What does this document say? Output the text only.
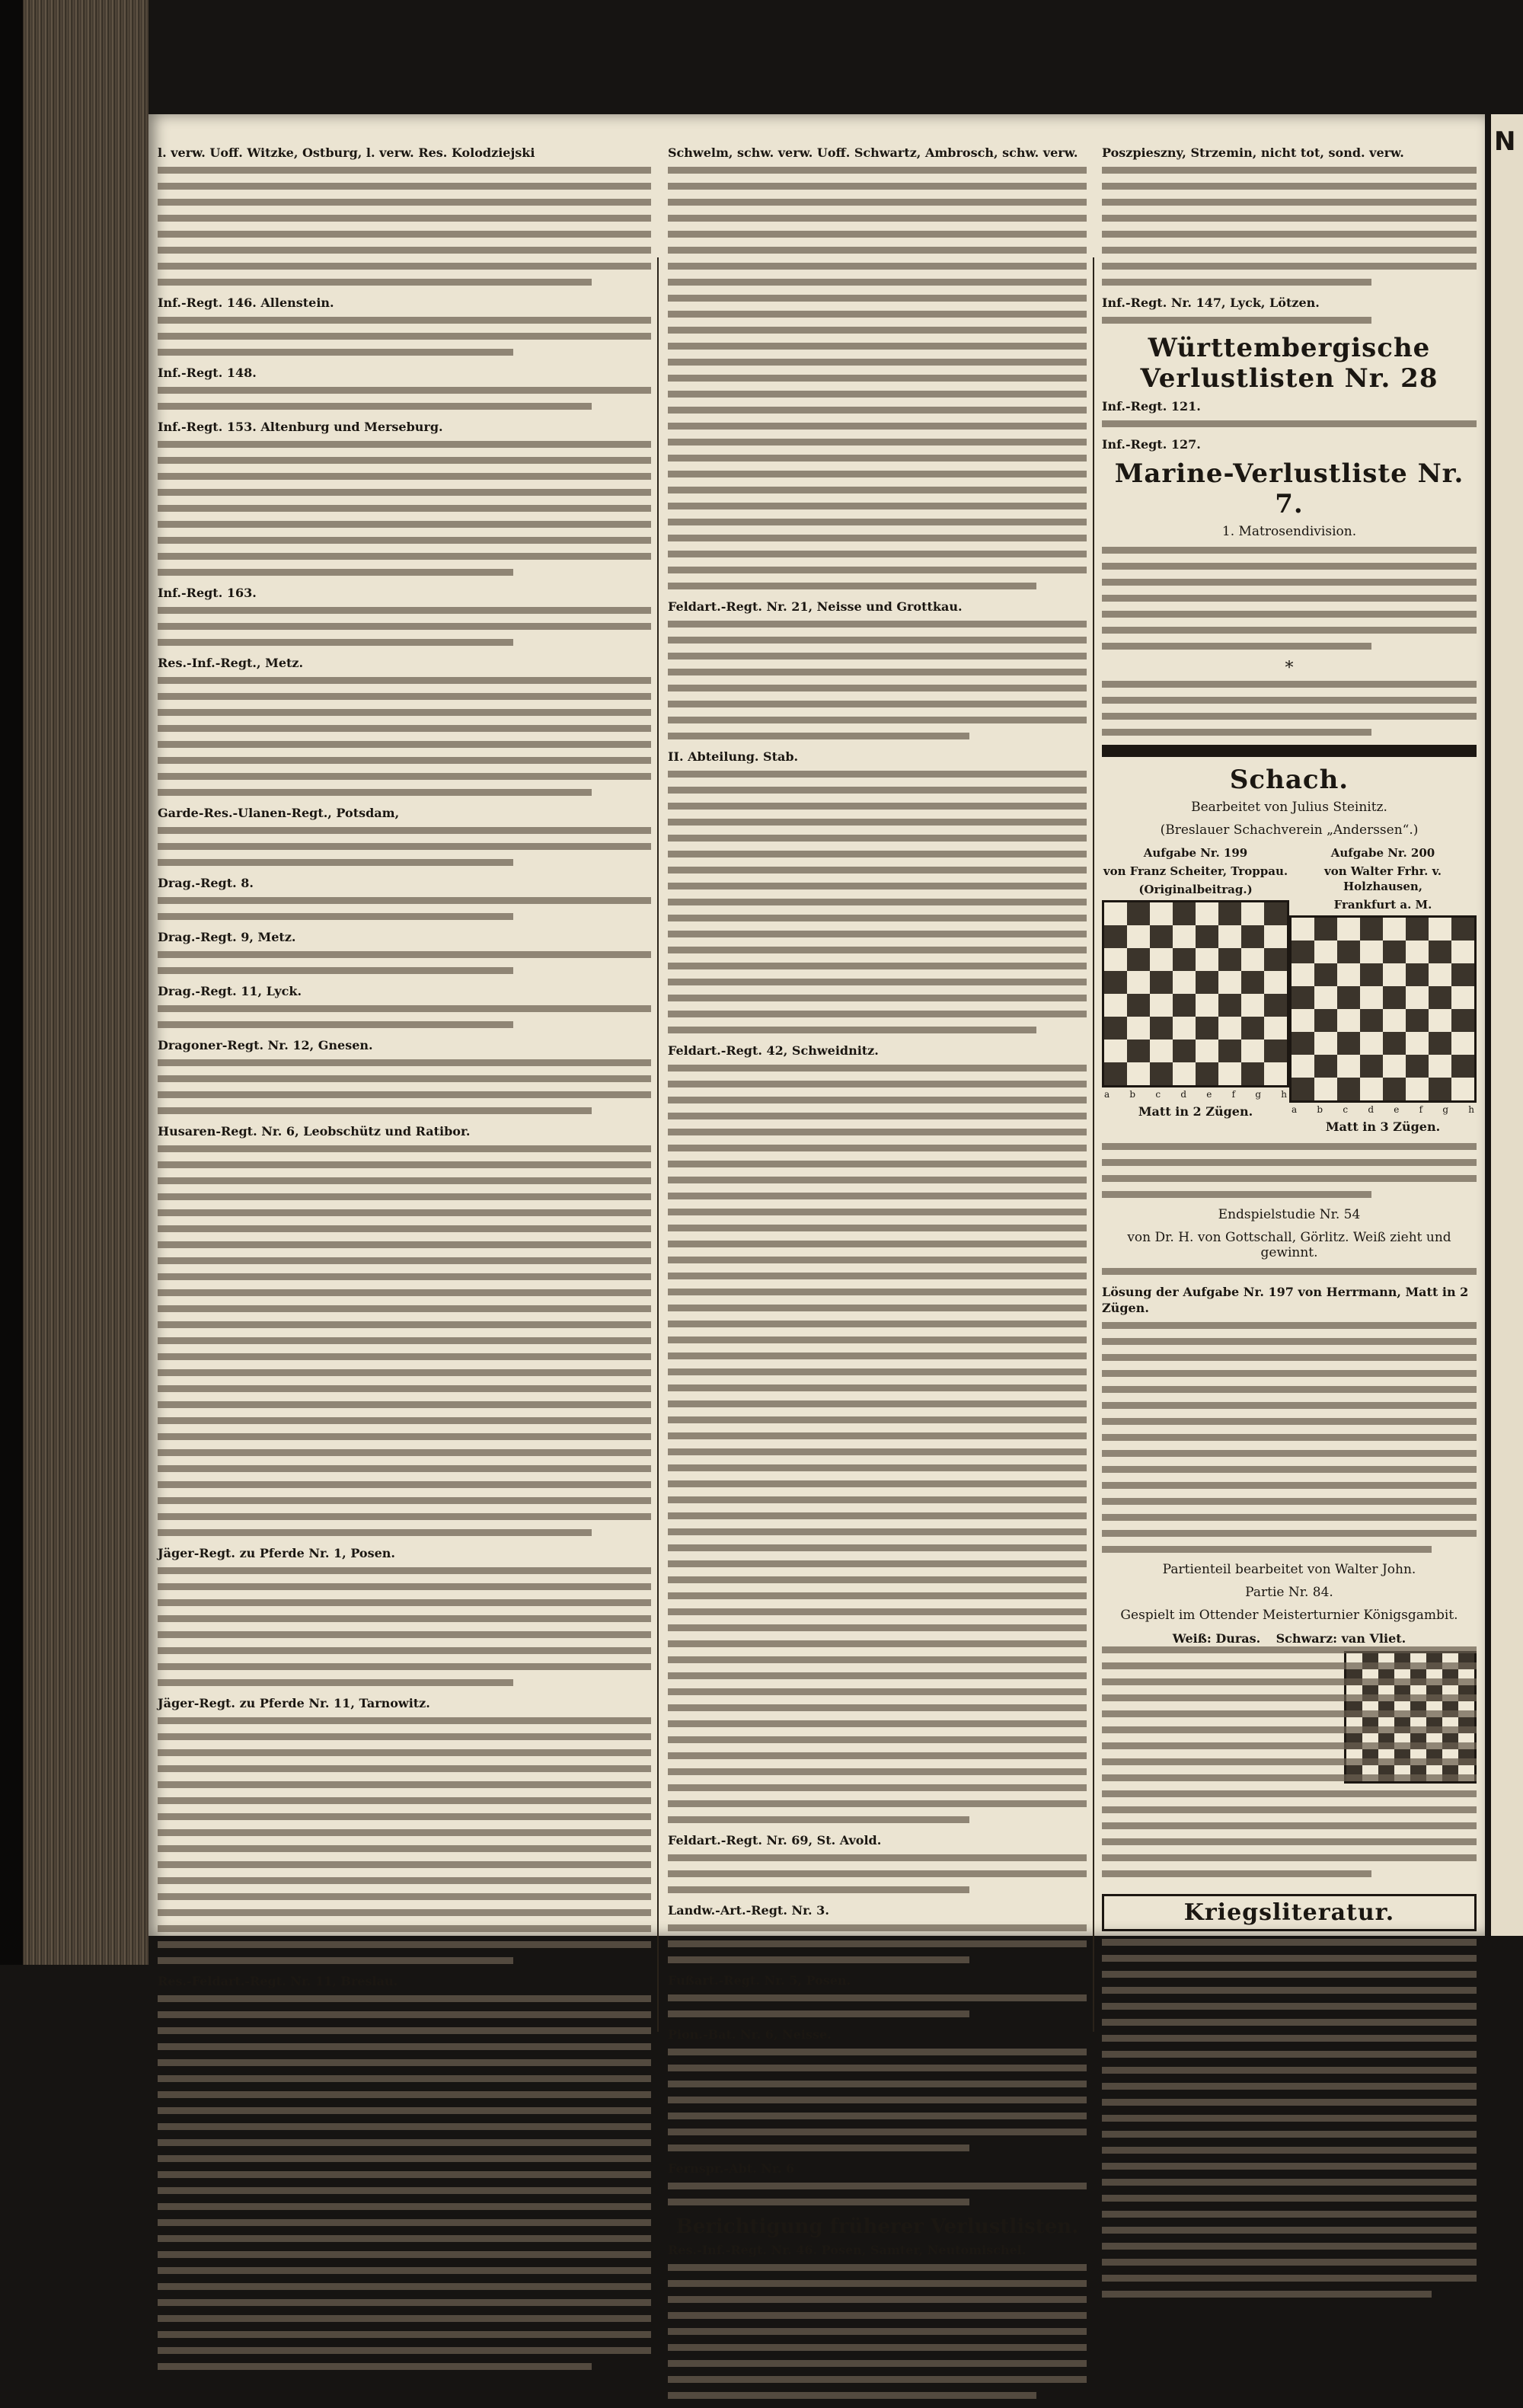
l. verw. Uoff. Witzke, Ostburg, l. verw. Res. Kolodziejski
Inf.-Regt. 146. Allenstein.
Inf.-Regt. 148.
Inf.-Regt. 153. Altenburg und Merseburg.
Inf.-Regt. 163.
Res.-Inf.-Regt., Metz.
Garde-Res.-Ulanen-Regt., Potsdam,
Drag.-Regt. 8.
Drag.-Regt. 9, Metz.
Drag.-Regt. 11, Lyck.
Dragoner-Regt. Nr. 12, Gnesen.
Husaren-Regt. Nr. 6, Leobschütz und Ratibor.
Jäger-Regt. zu Pferde Nr. 1, Posen.
Jäger-Regt. zu Pferde Nr. 11, Tarnowitz.
Res.-Feldart.-Regt. Nr. 11, Breslau.
Schwelm, schw. verw. Uoff. Schwartz, Ambrosch, schw. verw.
Feldart.-Regt. Nr. 21, Neisse und Grottkau.
II. Abteilung. Stab.
Feldart.-Regt. 42, Schweidnitz.
Feldart.-Regt. Nr. 69, St. Avold.
Landw.-Art.-Regt. Nr. 3.
Fußart.-Regt. Nr. 5, Posen.
Pion.-Bat. Nr. 6, Neisse.
Fernspr.-Abt. Nr. 6
Berichtigung früherer Verlustlisten.
Res.-Inf.-Regt. Nr. 46. Posen, Samter, Neutomischel.
Poszpieszny, Strzemin, nicht tot, sond. verw.
Inf.-Regt. Nr. 147, Lyck, Lötzen.
Württembergische Verlustlisten Nr. 28
Inf.-Regt. 121.
Inf.-Regt. 127.
Marine-Verlustliste Nr. 7.
1. Matrosendivision.
*
Schach.
Bearbeitet von Julius Steinitz.
(Breslauer Schachverein „Anderssen“.)
Aufgabe Nr. 199
von Franz Scheiter, Troppau.
(Originalbeitrag.)
a b c d e f g h
Matt in 2 Zügen.
Aufgabe Nr. 200
von Walter Frhr. v. Holzhausen,
Frankfurt a. M.
a b c d e f g h
Matt in 3 Zügen.
Endspielstudie Nr. 54
von Dr. H. von Gottschall, Görlitz. Weiß zieht und gewinnt.
Lösung der Aufgabe Nr. 197 von Herrmann, Matt in 2 Zügen.
Partienteil bearbeitet von Walter John.
Partie Nr. 84.
Gespielt im Ottender Meisterturnier Königsgambit.
Weiß: Duras. Schwarz: van Vliet.
Kriegsliteratur.
N
